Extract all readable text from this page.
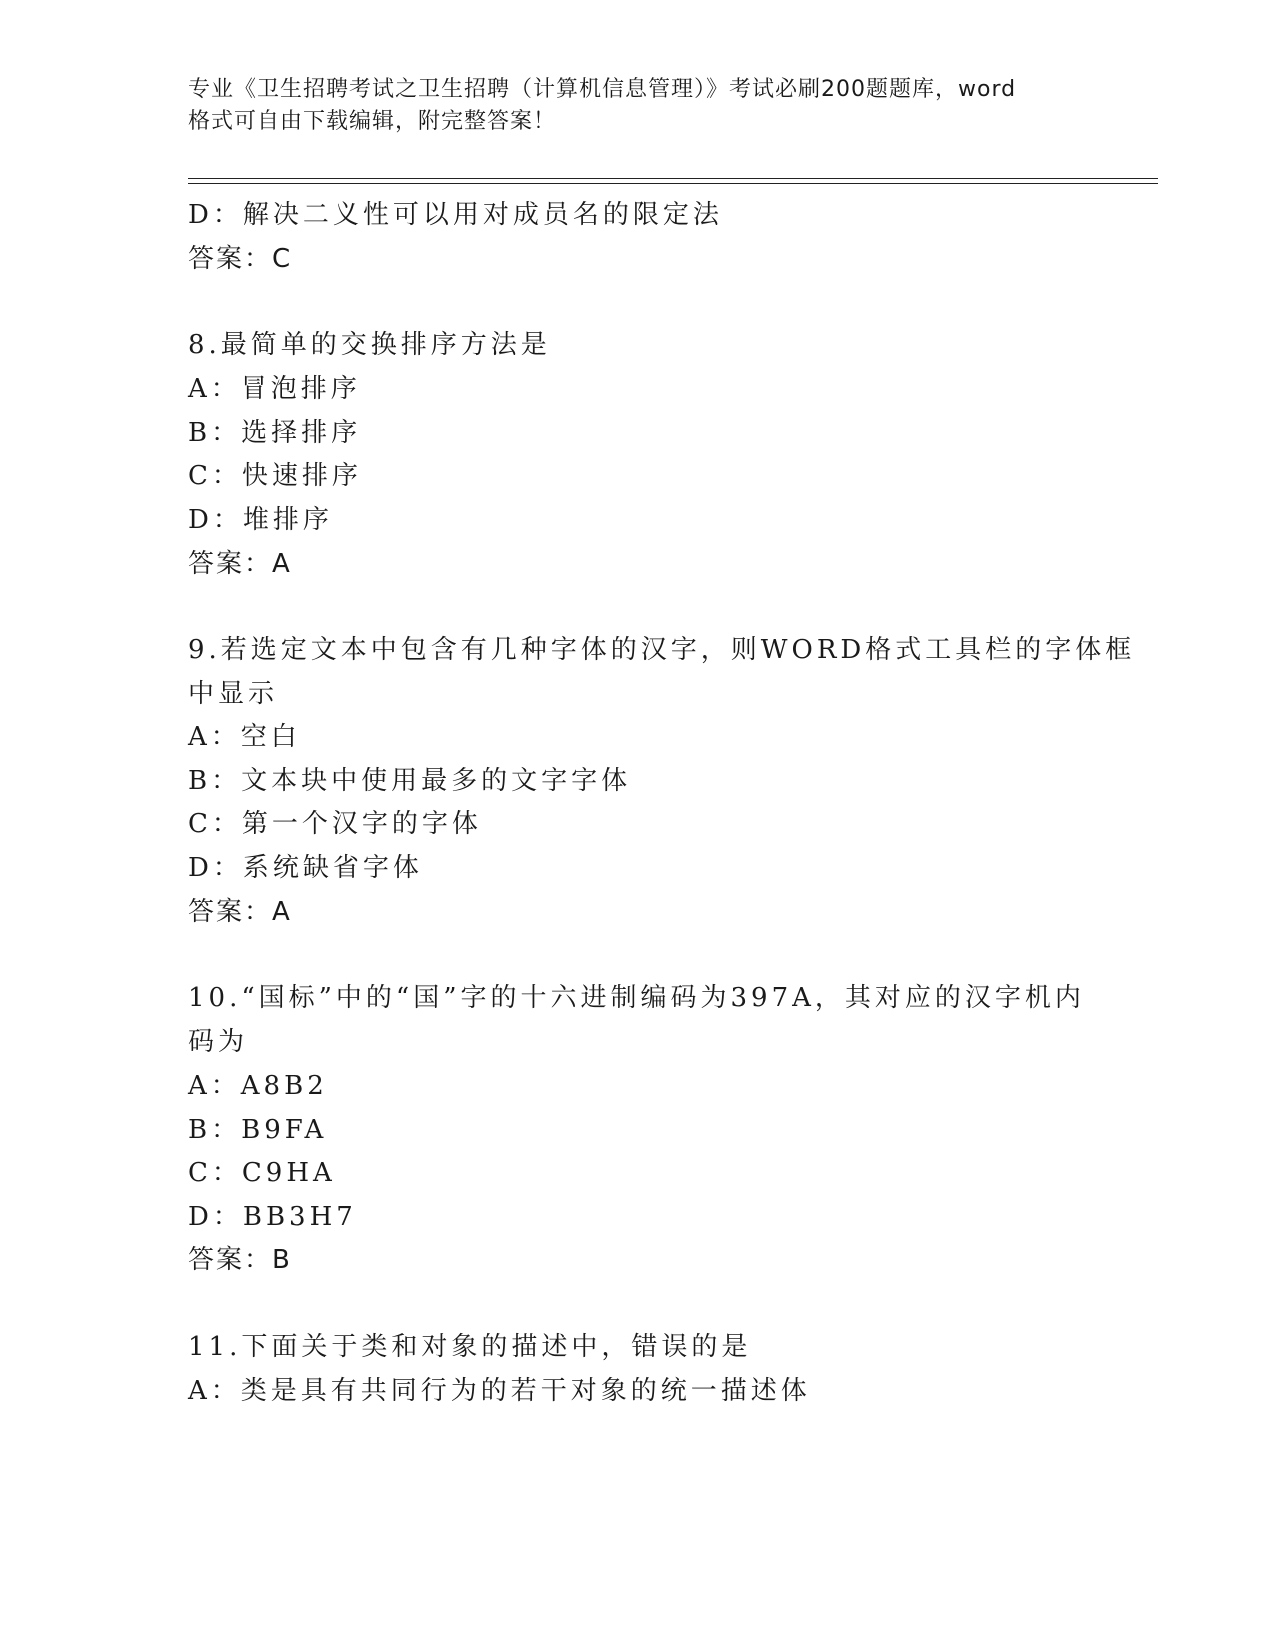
专业《卫生招聘考试之卫生招聘（计算机信息管理）》考试必刷200题题库，word
格式可自由下载编辑，附完整答案！
D：解决二义性可以用对成员名的限定法
答案：C
8.最简单的交换排序方法是
A：冒泡排序
B：选择排序
C：快速排序
D：堆排序
答案：A
9.若选定文本中包含有几种字体的汉字，则WORD格式工具栏的字体框
中显示
A：空白
B：文本块中使用最多的文字字体
C：第一个汉字的字体
D：系统缺省字体
答案：A
10.“国标”中的“国”字的十六进制编码为397A，其对应的汉字机内
码为
A：A8B2
B：B9FA
C：C9HA
D：BB3H7
答案：B
11.下面关于类和对象的描述中，错误的是
A：类是具有共同行为的若干对象的统一描述体
